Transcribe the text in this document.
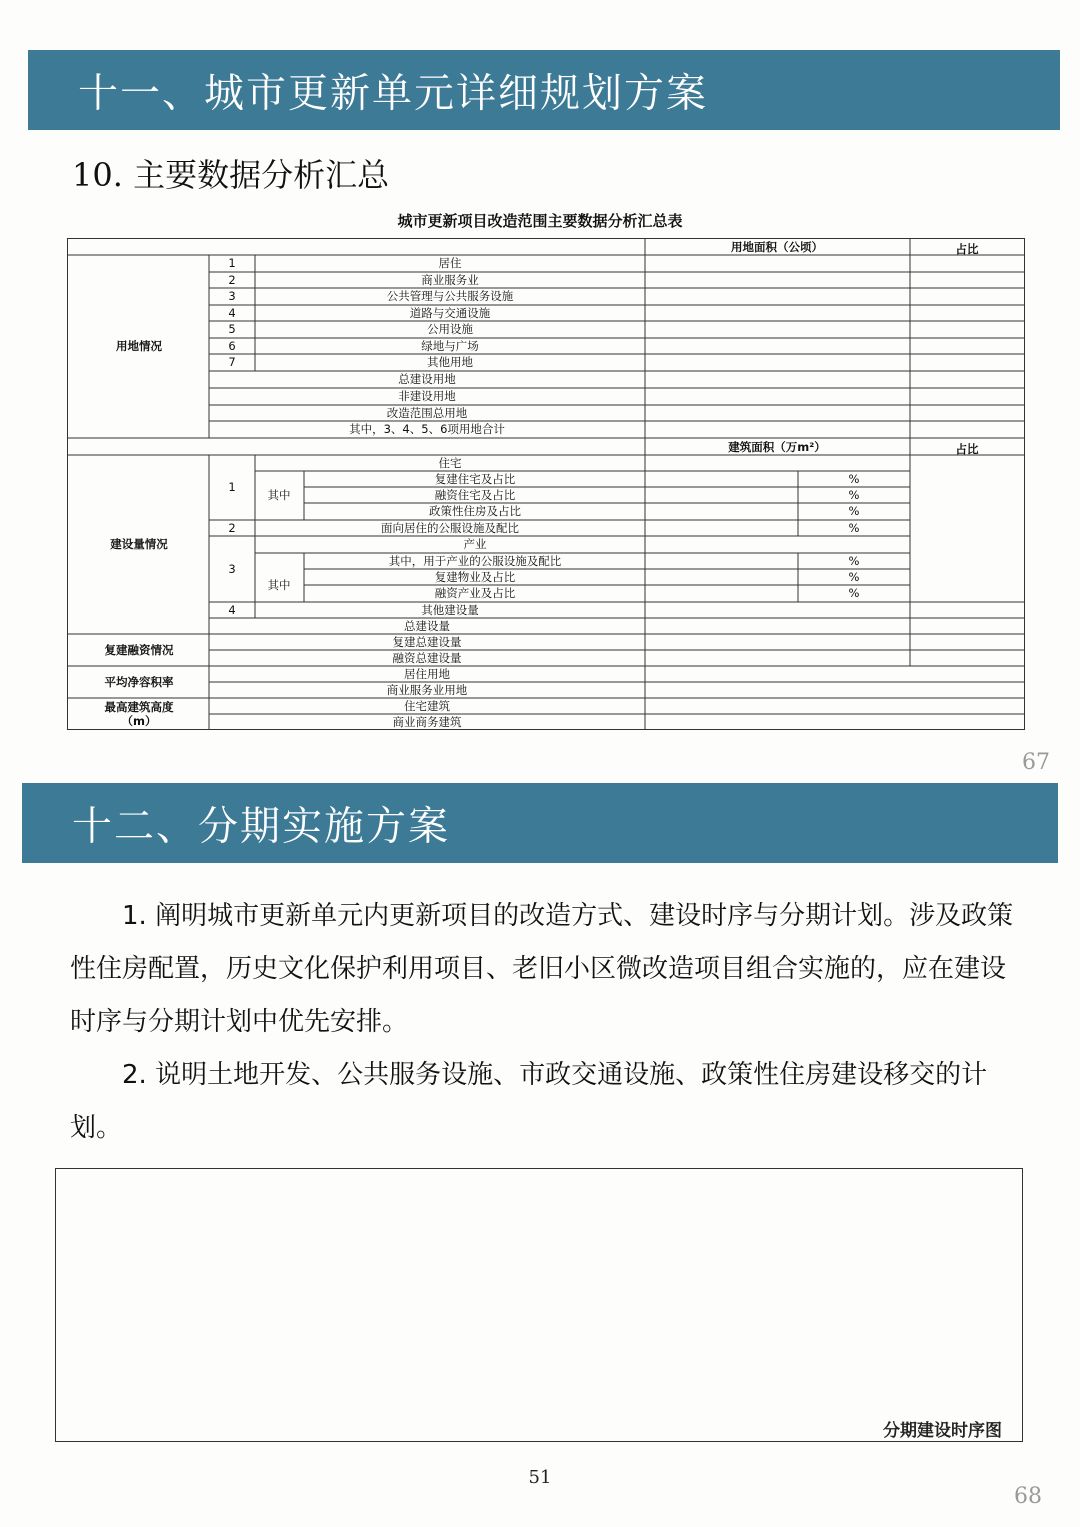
十一、城市更新单元详细规划方案
10. 主要数据分析汇总
城市更新项目改造范围主要数据分析汇总表
用地面积（公顷）	占比
用地情况
1
2
3
4
5
6
7
居住
商业服务业
公共管理与公共服务设施
道路与交通设施
公用设施
绿地与广场
其他用地
总建设用地
非建设用地
改造范围总用地
其中，3、4、5、6项用地合计
建筑面积（万m²）	占比
建设量情况
1
2
3
4
其中
其中
住宅
复建住宅及占比
融资住宅及占比
政策性住房及占比
面向居住的公服设施及配比
产业
其中，用于产业的公服设施及配比
复建物业及占比
融资产业及占比
其他建设量
总建设量
%
%
%
%
%
%
%
复建融资情况
复建总建设量
融资总建设量
平均净容积率
居住用地
商业服务业用地
最高建筑高度（m）
住宅建筑
商业商务建筑
67
十二、分期实施方案

1. 阐明城市更新单元内更新项目的改造方式、建设时序与分期计划。涉及政策性住房配置，历史文化保护利用项目、老旧小区微改造项目组合实施的，应在建设时序与分期计划中优先安排。

2. 说明土地开发、公共服务设施、市政交通设施、政策性住房建设移交的计划。

分期建设时序图
51
68
